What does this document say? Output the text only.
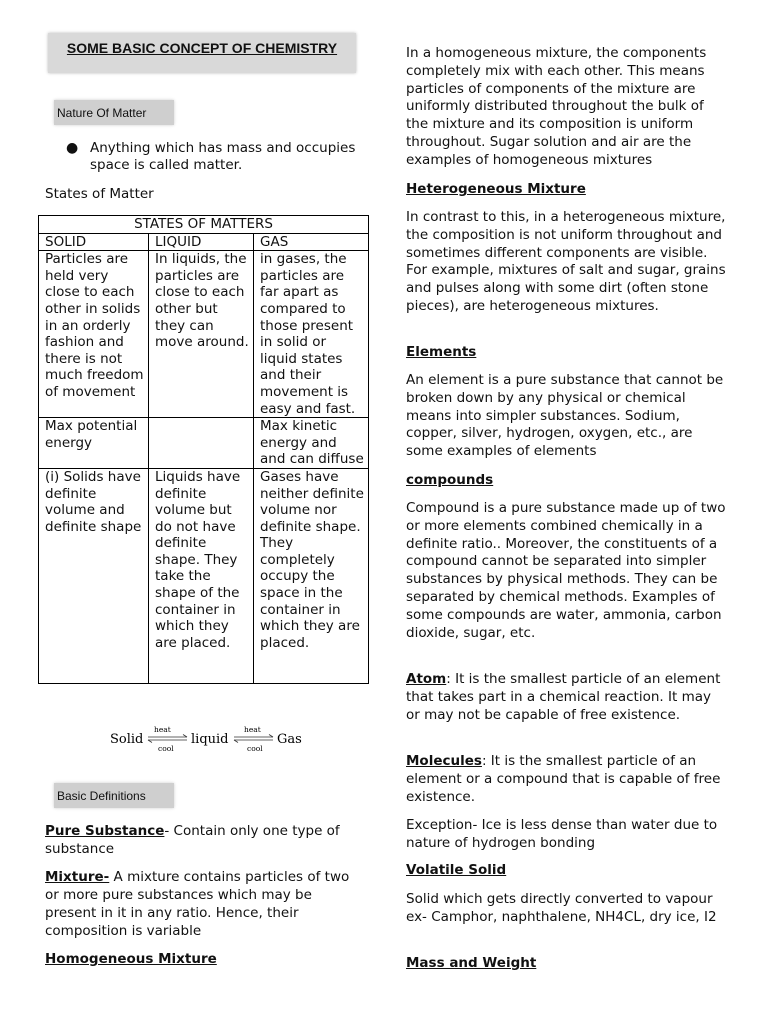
SOME BASIC CONCEPT OF CHEMISTRY
Nature Of Matter
● Anything which has mass and occupies space is called matter.
States of Matter
STATES OF MATTERS		
SOLID	LIQUID	GAS
Particles are held very close to each other in solids in an orderly fashion and there is not much freedom of movement	In liquids, the particles are close to each other but they can move around.	in gases, the particles are far apart as compared to those present in solid or liquid states and their movement is easy and fast.
Max potential energy		Max kinetic energy and and can diffuse
(i) Solids have definite volume and definite shape	Liquids have definite volume but do not have definite shape. They take the shape of the container in which they are placed.	Gases have neither definite volume nor definite shape. They completely occupy the space in the container in which they are placed.
Solid
heat
cool
liquid
heat
cool
Gas
Basic Definitions
Pure Substance- Contain only one type of substance
Mixture- A mixture contains particles of two or more pure substances which may be present in it in any ratio. Hence, their composition is variable
Homogeneous Mixture
In a homogeneous mixture, the components completely mix with each other. This means particles of components of the mixture are uniformly distributed throughout the bulk of the mixture and its composition is uniform throughout. Sugar solution and air are the examples of homogeneous mixtures
Heterogeneous Mixture
In contrast to this, in a heterogeneous mixture, the composition is not uniform throughout and sometimes different components are visible. For example, mixtures of salt and sugar, grains and pulses along with some dirt (often stone pieces), are heterogeneous mixtures.
Elements
An element is a pure substance that cannot be broken down by any physical or chemical means into simpler substances. Sodium, copper, silver, hydrogen, oxygen, etc., are some examples of elements
compounds
Compound is a pure substance made up of two or more elements combined chemically in a definite ratio.. Moreover, the constituents of a compound cannot be separated into simpler substances by physical methods. They can be separated by chemical methods. Examples of some compounds are water, ammonia, carbon dioxide, sugar, etc.
Atom: It is the smallest particle of an element that takes part in a chemical reaction. It may or may not be capable of free existence.
Molecules: It is the smallest particle of an element or a compound that is capable of free existence.
Exception- Ice is less dense than water due to nature of hydrogen bonding
Volatile Solid
Solid which gets directly converted to vapour ex- Camphor, naphthalene, NH4CL, dry ice, I2
Mass and Weight
